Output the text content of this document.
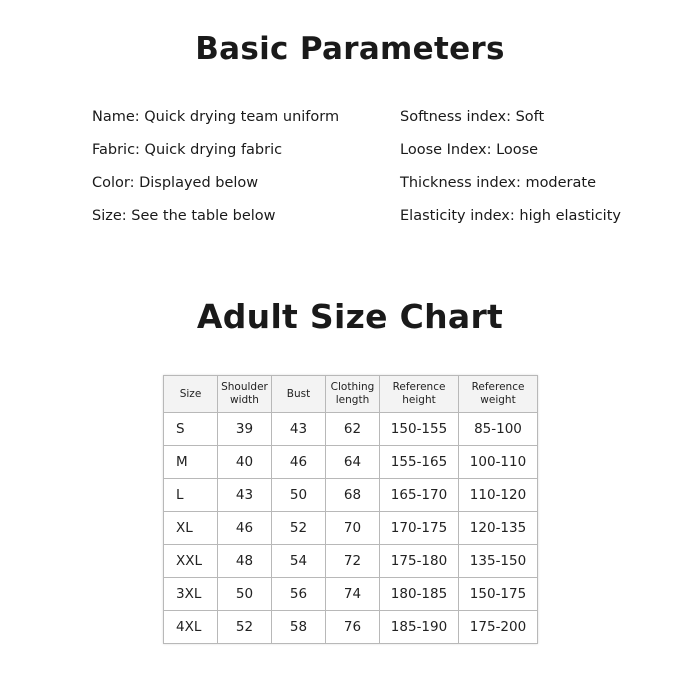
Basic Parameters
Name: Quick drying team uniform
Fabric: Quick drying fabric
Color: Displayed below
Size: See the table below
Softness index: Soft
Loose Index: Loose
Thickness index: moderate
Elasticity index: high elasticity
Adult Size Chart
Size	Shoulder width	Bust	Clothing length	Reference height	Reference weight

S	39	43	62	150-155	85-100
M	40	46	64	155-165	100-110
L	43	50	68	165-170	110-120
XL	46	52	70	170-175	120-135
XXL	48	54	72	175-180	135-150
3XL	50	56	74	180-185	150-175
4XL	52	58	76	185-190	175-200
